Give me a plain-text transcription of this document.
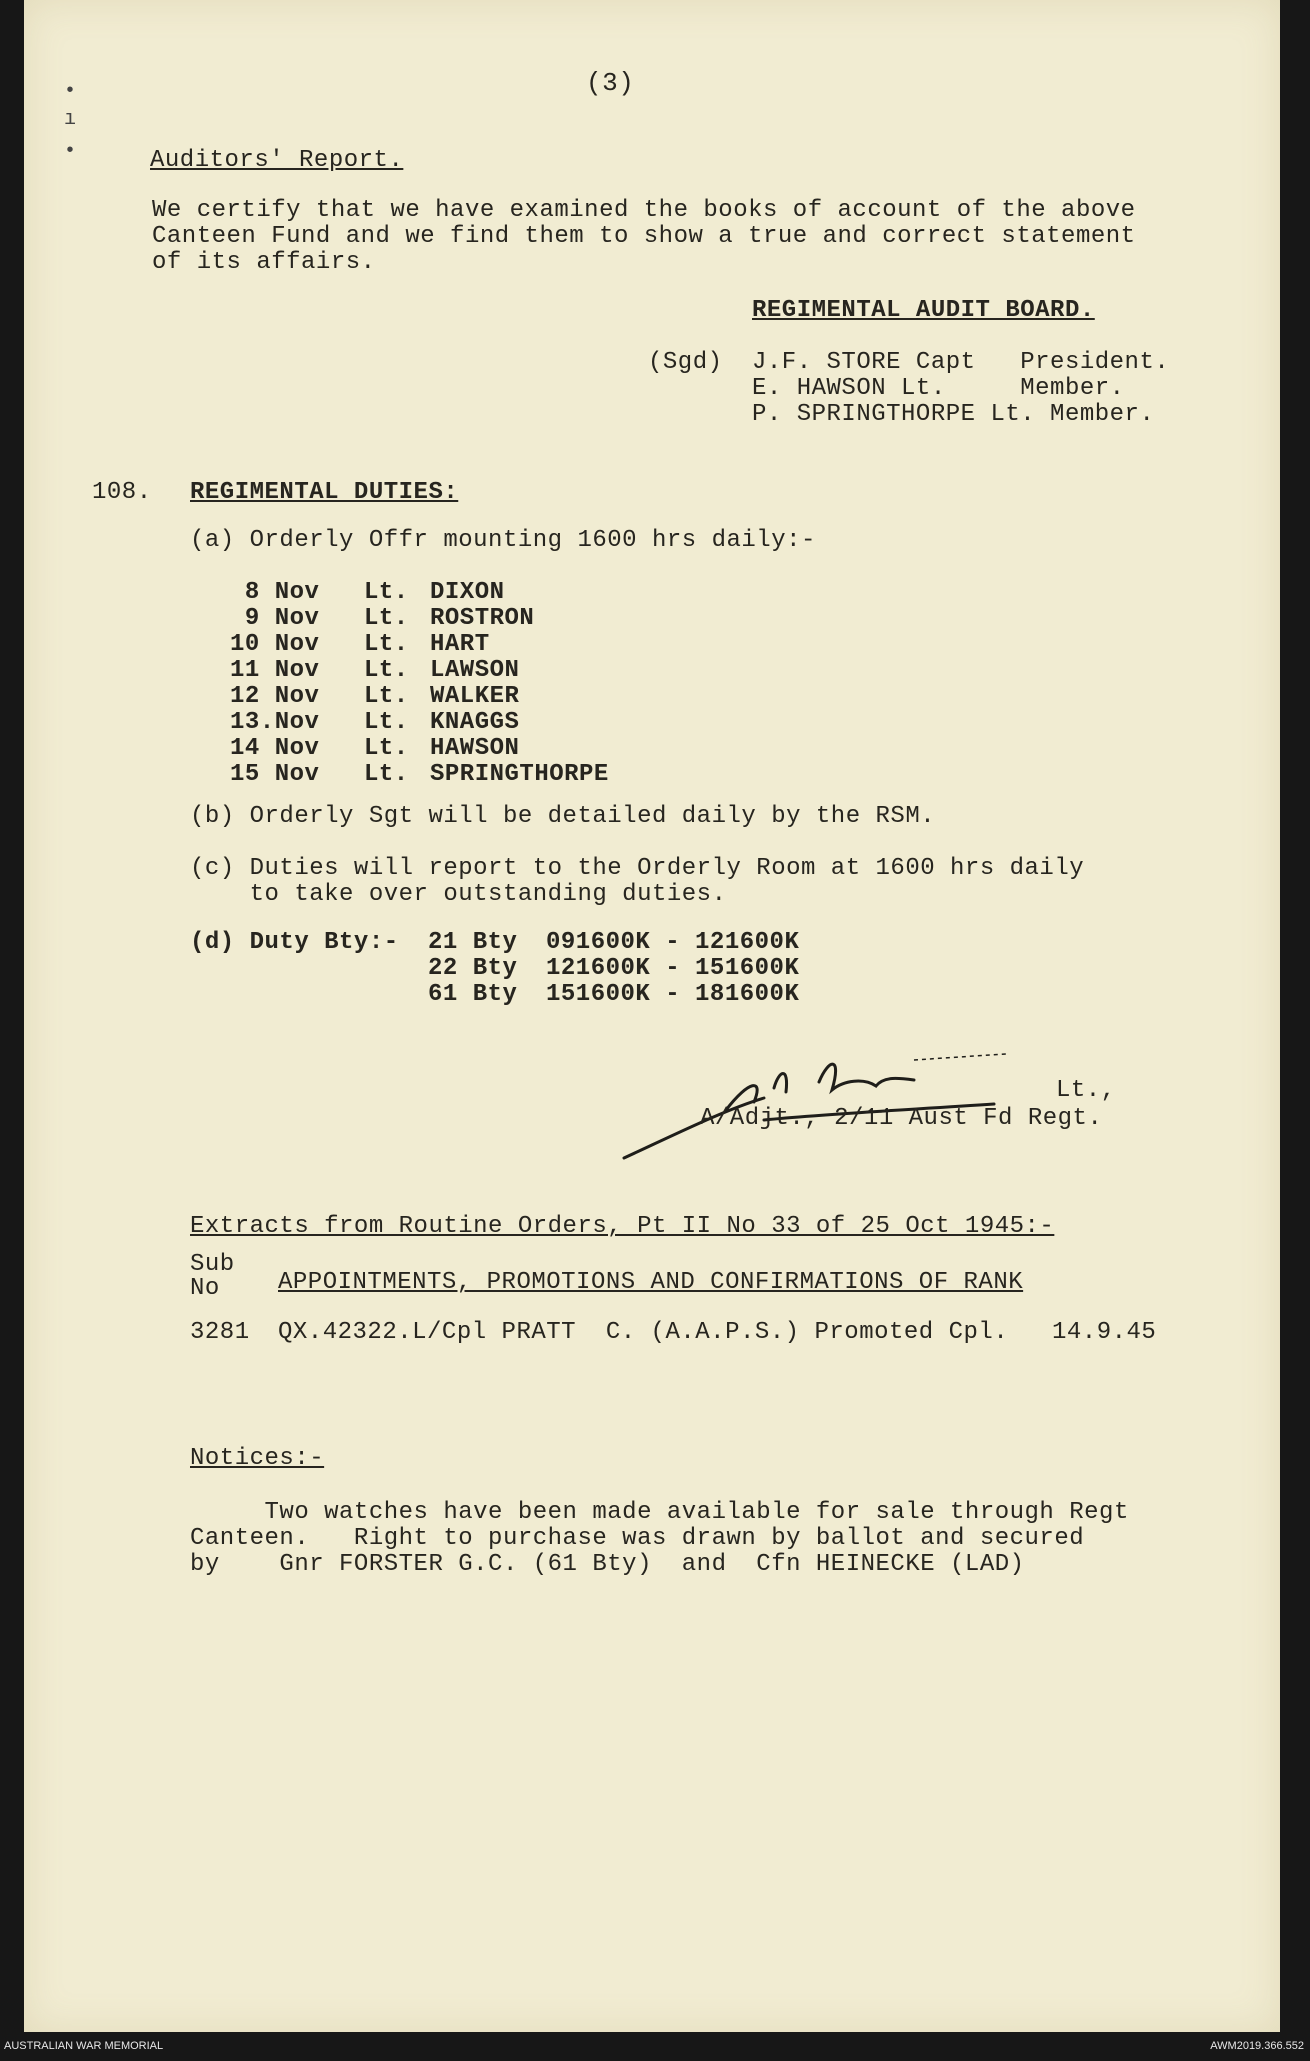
•
ı
•
(3)
Auditors' Report.
We certify that we have examined the books of account of the above
Canteen Fund and we find them to show a true and correct statement
of its affairs.
REGIMENTAL AUDIT BOARD.
(Sgd) J.F. STORE Capt   President.
E. HAWSON Lt.     Member.
P. SPRINGTHORPE Lt. Member.
108. REGIMENTAL DUTIES:
(a) Orderly Offr mounting 1600 hrs daily:-
8 Nov Lt. DIXON
9 Nov Lt. ROSTRON
10 Nov Lt. HART
11 Nov Lt. LAWSON
12 Nov Lt. WALKER
13.Nov Lt. KNAGGS
14 Nov Lt. HAWSON
15 Nov Lt. SPRINGTHORPE
(b) Orderly Sgt will be detailed daily by the RSM.
(c) Duties will report to the Orderly Room at 1600 hrs daily
to take over outstanding duties.
(d) Duty Bty:- 21 Bty 091600K - 121600K
22 Bty 121600K - 151600K
61 Bty 151600K - 181600K
Lt.,
A/Adjt., 2/11 Aust Fd Regt.
Extracts from Routine Orders, Pt II No 33 of 25 Oct 1945:-
Sub
No APPOINTMENTS, PROMOTIONS AND CONFIRMATIONS OF RANK
3281 QX.42322.L/Cpl PRATT  C. (A.A.P.S.) Promoted Cpl. 14.9.45
Notices:-
Two watches have been made available for sale through Regt
Canteen.   Right to purchase was drawn by ballot and secured
by    Gnr FORSTER G.C. (61 Bty)  and  Cfn HEINECKE (LAD)
AUSTRALIAN WAR MEMORIAL	AWM2019.366.552
